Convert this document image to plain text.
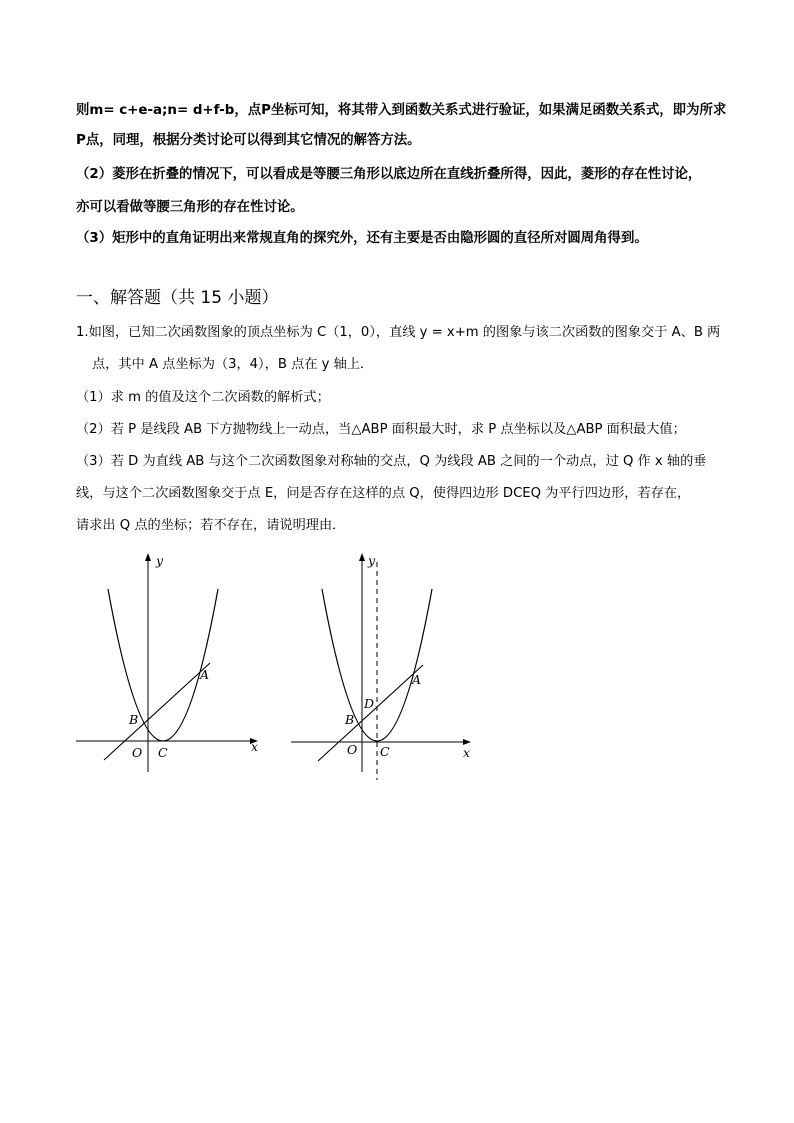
则m= c+e-a;n= d+f-b，点P坐标可知，将其带入到函数关系式进行验证，如果满足函数关系式，即为所求
P点，同理，根据分类讨论可以得到其它情况的解答方法。
（2）菱形在折叠的情况下，可以看成是等腰三角形以底边所在直线折叠所得，因此，菱形的存在性讨论，
亦可以看做等腰三角形的存在性讨论。
（3）矩形中的直角证明出来常规直角的探究外，还有主要是否由隐形圆的直径所对圆周角得到。
一、解答题（共 15 小题）
1.如图，已知二次函数图象的顶点坐标为 C（1，0），直线 y = x+m 的图象与该二次函数的图象交于 A、B 两
点，其中 A 点坐标为（3，4），B 点在 y 轴上．
（1）求 m 的值及这个二次函数的解析式；
（2）若 P 是线段 AB 下方抛物线上一动点，当△ABP 面积最大时，求 P 点坐标以及△ABP 面积最大值；
（3）若 D 为直线 AB 与这个二次函数图象对称轴的交点，Q 为线段 AB 之间的一个动点，过 Q 作 x 轴的垂
线，与这个二次函数图象交于点 E，问是否存在这样的点 Q，使得四边形 DCEQ 为平行四边形，若存在，
请求出 Q 点的坐标；若不存在，请说明理由．
y
x
A
B
O C
y
x
A
B
D
O C
